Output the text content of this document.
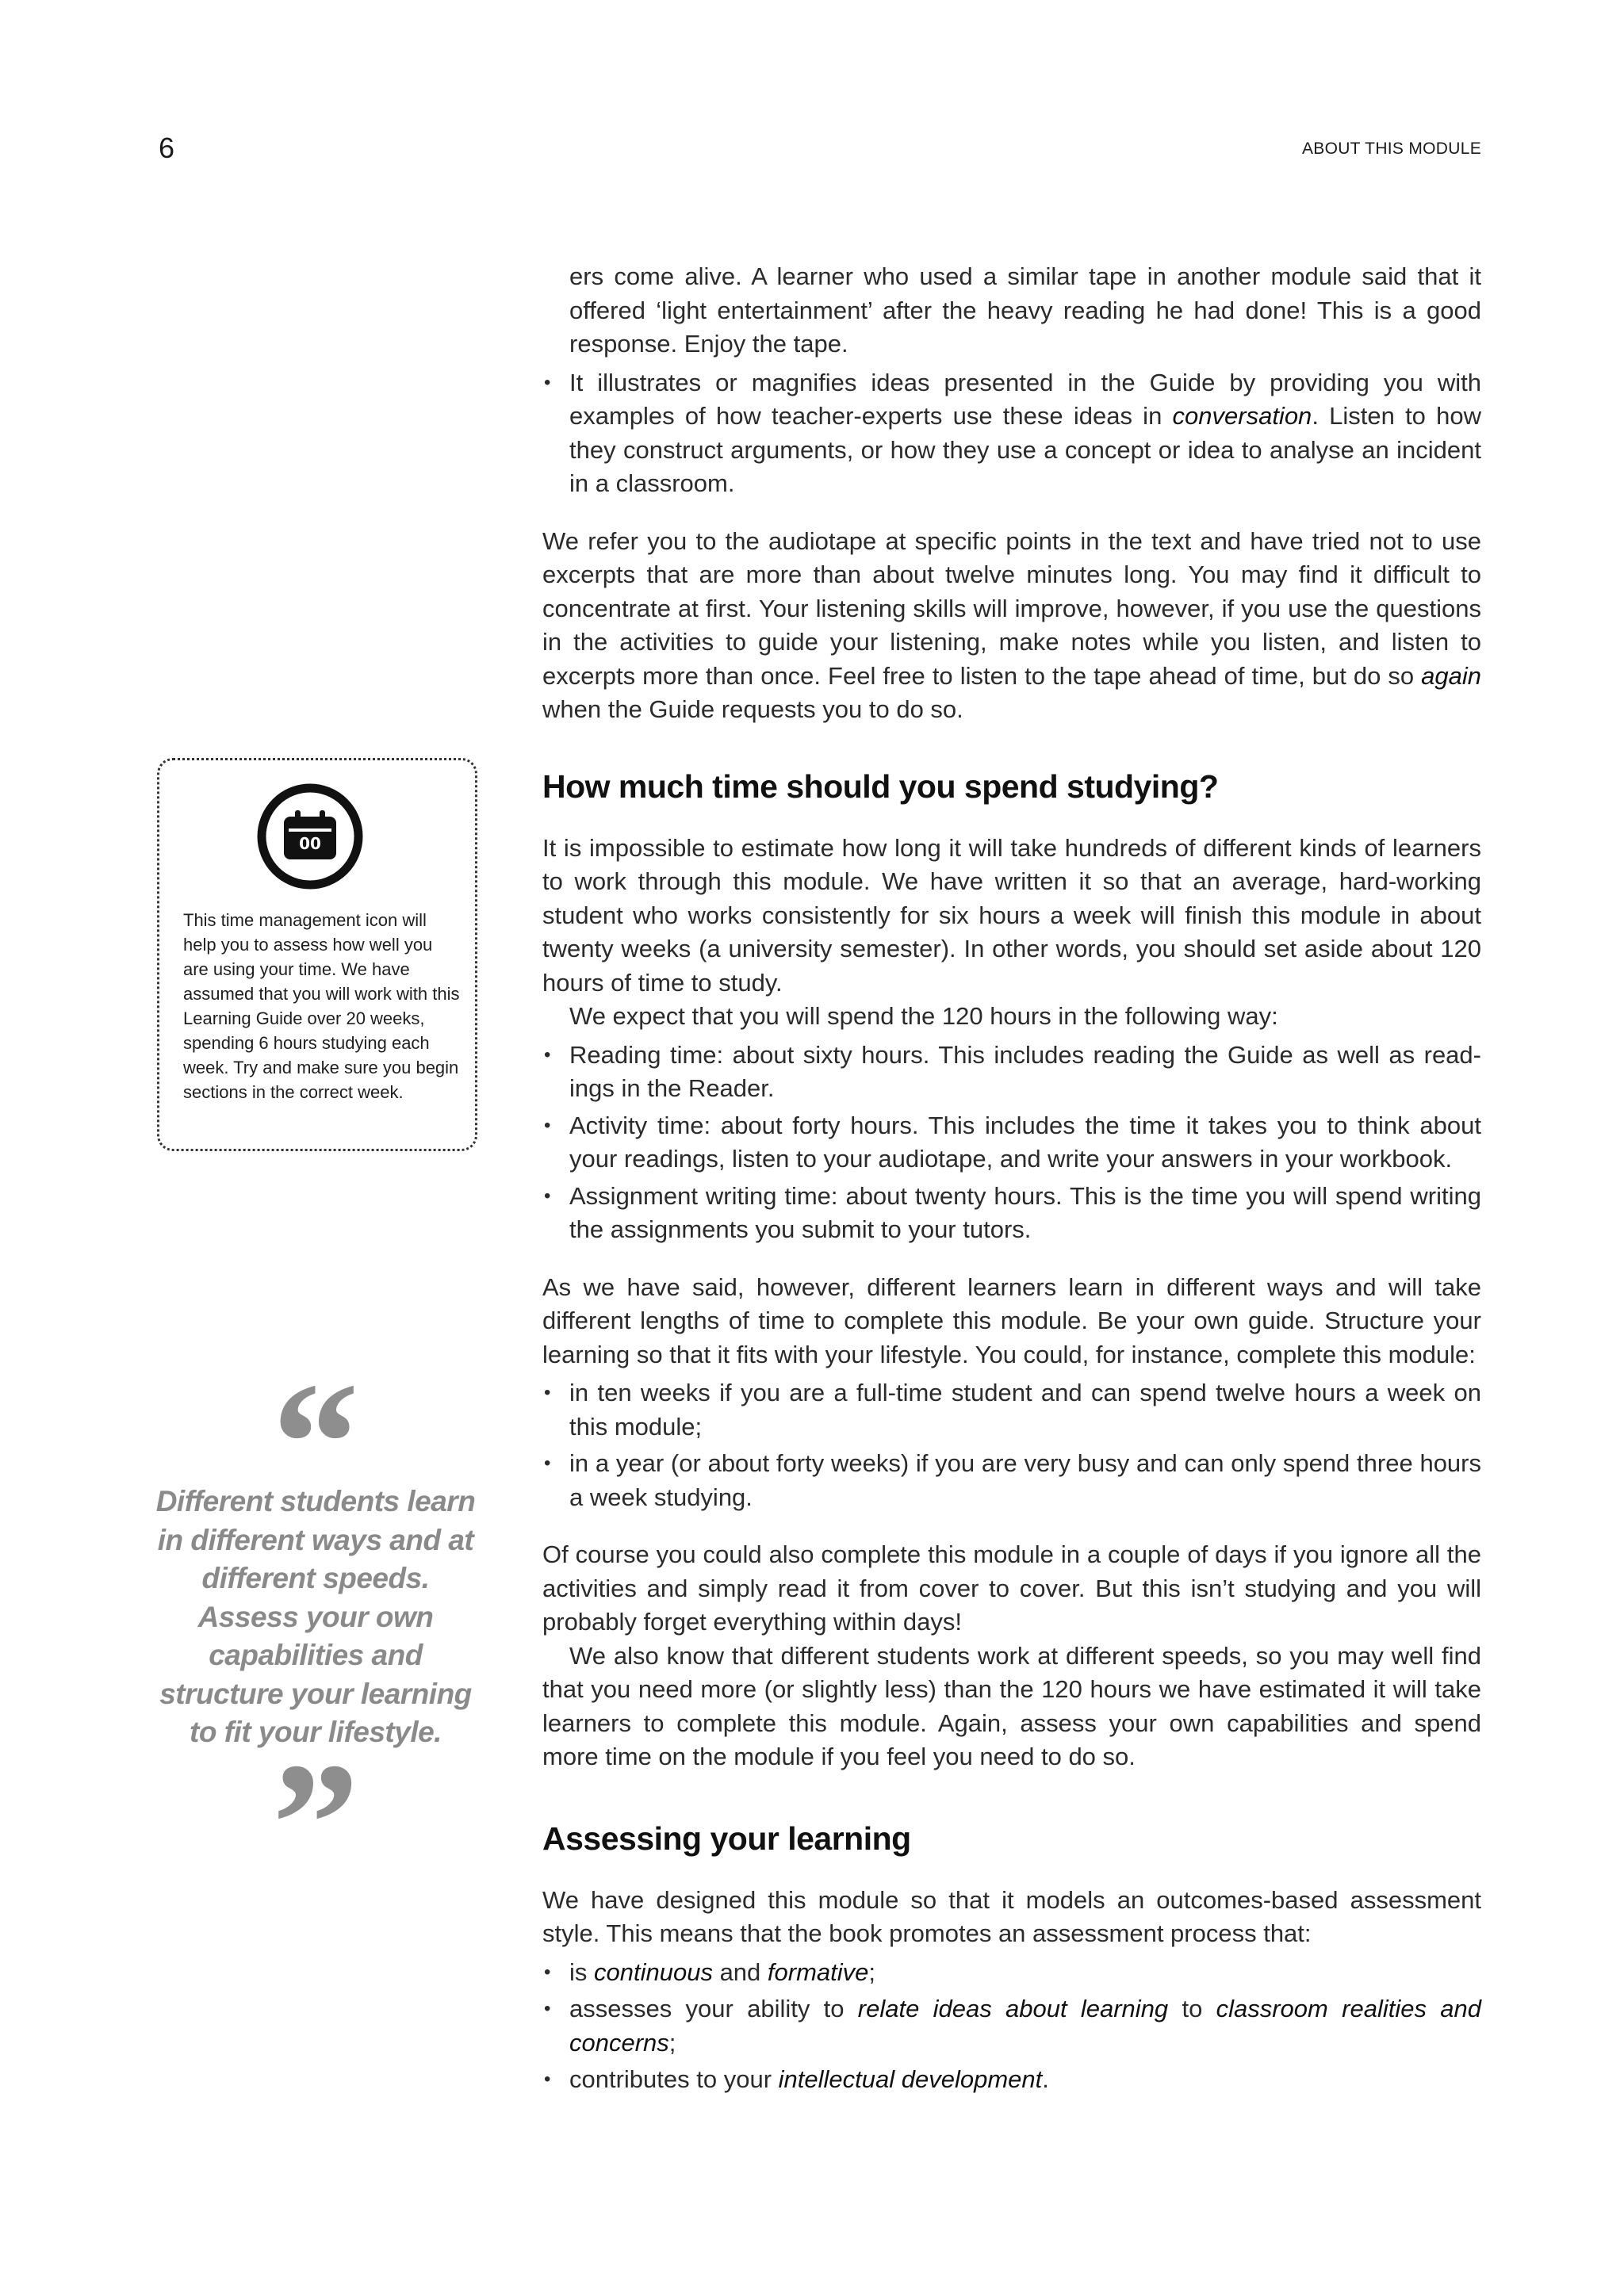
6	ABOUT THIS MODULE

ers come alive. A learner who used a similar tape in another module said that it offered ‘light entertainment’ after the heavy reading he had done! This is a good response. Enjoy the tape.

• It illustrates or magnifies ideas presented in the Guide by providing you with examples of how teacher-experts use these ideas in conversation. Listen to how they construct arguments, or how they use a concept or idea to analyse an incident in a classroom.

We refer you to the audiotape at specific points in the text and have tried not to use excerpts that are more than about twelve minutes long. You may find it difficult to concentrate at first. Your listening skills will improve, however, if you use the questions in the activities to guide your listening, make notes while you listen, and listen to excerpts more than once. Feel free to listen to the tape ahead of time, but do so again when the Guide requests you to do so.

How much time should you spend studying?

It is impossible to estimate how long it will take hundreds of different kinds of learners to work through this module. We have written it so that an average, hard-working student who works consistently for six hours a week will finish this module in about twenty weeks (a university semester). In other words, you should set aside about 120 hours of time to study.

We expect that you will spend the 120 hours in the following way:

• Reading time: about sixty hours. This includes reading the Guide as well as readings in the Reader.
• Activity time: about forty hours. This includes the time it takes you to think about your readings, listen to your audiotape, and write your answers in your workbook.
• Assignment writing time: about twenty hours. This is the time you will spend writing the assignments you submit to your tutors.

As we have said, however, different learners learn in different ways and will take different lengths of time to complete this module. Be your own guide. Structure your learning so that it fits with your lifestyle. You could, for instance, complete this module:

• in ten weeks if you are a full-time student and can spend twelve hours a week on this module;
• in a year (or about forty weeks) if you are very busy and can only spend three hours a week studying.

Of course you could also complete this module in a couple of days if you ignore all the activities and simply read it from cover to cover. But this isn’t studying and you will probably forget everything within days!

We also know that different students work at different speeds, so you may well find that you need more (or slightly less) than the 120 hours we have estimated it will take learners to complete this module. Again, assess your own capabilities and spend more time on the module if you feel you need to do so.

Assessing your learning

We have designed this module so that it models an outcomes-based assessment style. This means that the book promotes an assessment process that:

• is continuous and formative;
• assesses your ability to relate ideas about learning to classroom realities and concerns;
• contributes to your intellectual development.
00

This time management icon will help you to assess how well you are using your time. We have assumed that you will work with this Learning Guide over 20 weeks, spending 6 hours studying each week. Try and make sure you begin sections in the correct week.

“

Different students learn in different ways and at different speeds. Assess your own capabilities and structure your learning to fit your lifestyle.

”
